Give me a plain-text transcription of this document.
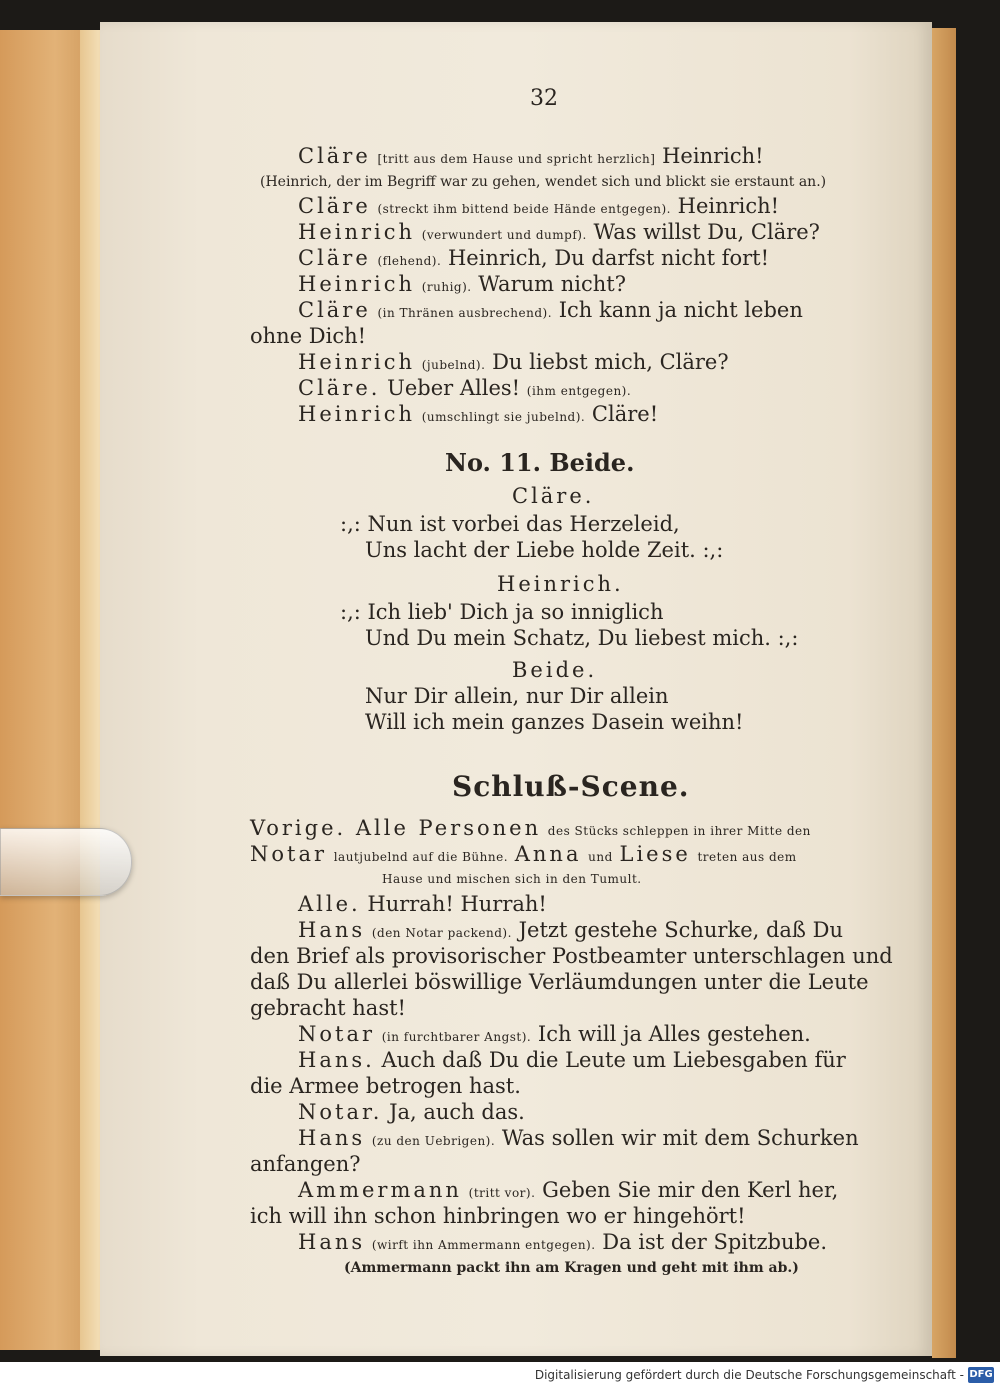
32
Cläre [tritt aus dem Hause und spricht herzlich] Heinrich!
(Heinrich, der im Begriff war zu gehen, wendet sich und blickt sie erstaunt an.)
Cläre (streckt ihm bittend beide Hände entgegen). Heinrich!
Heinrich (verwundert und dumpf). Was willst Du, Cläre?
Cläre (flehend). Heinrich, Du darfst nicht fort!
Heinrich (ruhig). Warum nicht?
Cläre (in Thränen ausbrechend). Ich kann ja nicht leben
ohne Dich!
Heinrich (jubelnd). Du liebst mich, Cläre?
Cläre. Ueber Alles! (ihm entgegen).
Heinrich (umschlingt sie jubelnd). Cläre!
No. 11. Beide.
Cläre.
:,: Nun ist vorbei das Herzeleid,
Uns lacht der Liebe holde Zeit. :,:
Heinrich.
:,: Ich lieb' Dich ja so inniglich
Und Du mein Schatz, Du liebest mich. :,:
Beide.
Nur Dir allein, nur Dir allein
Will ich mein ganzes Dasein weihn!
Schluß-Scene.
Vorige. Alle Personen des Stücks schleppen in ihrer Mitte den
Notar lautjubelnd auf die Bühne. Anna und Liese treten aus dem
Hause und mischen sich in den Tumult.
Alle. Hurrah! Hurrah!
Hans (den Notar packend). Jetzt gestehe Schurke, daß Du
den Brief als provisorischer Postbeamter unterschlagen und
daß Du allerlei böswillige Verläumdungen unter die Leute
gebracht hast!
Notar (in furchtbarer Angst). Ich will ja Alles gestehen.
Hans. Auch daß Du die Leute um Liebesgaben für
die Armee betrogen hast.
Notar. Ja, auch das.
Hans (zu den Uebrigen). Was sollen wir mit dem Schurken
anfangen?
Ammermann (tritt vor). Geben Sie mir den Kerl her,
ich will ihn schon hinbringen wo er hingehört!
Hans (wirft ihn Ammermann entgegen). Da ist der Spitzbube.
(Ammermann packt ihn am Kragen und geht mit ihm ab.)
Digitalisierung gefördert durch die Deutsche Forschungsgemeinschaft - DFG
